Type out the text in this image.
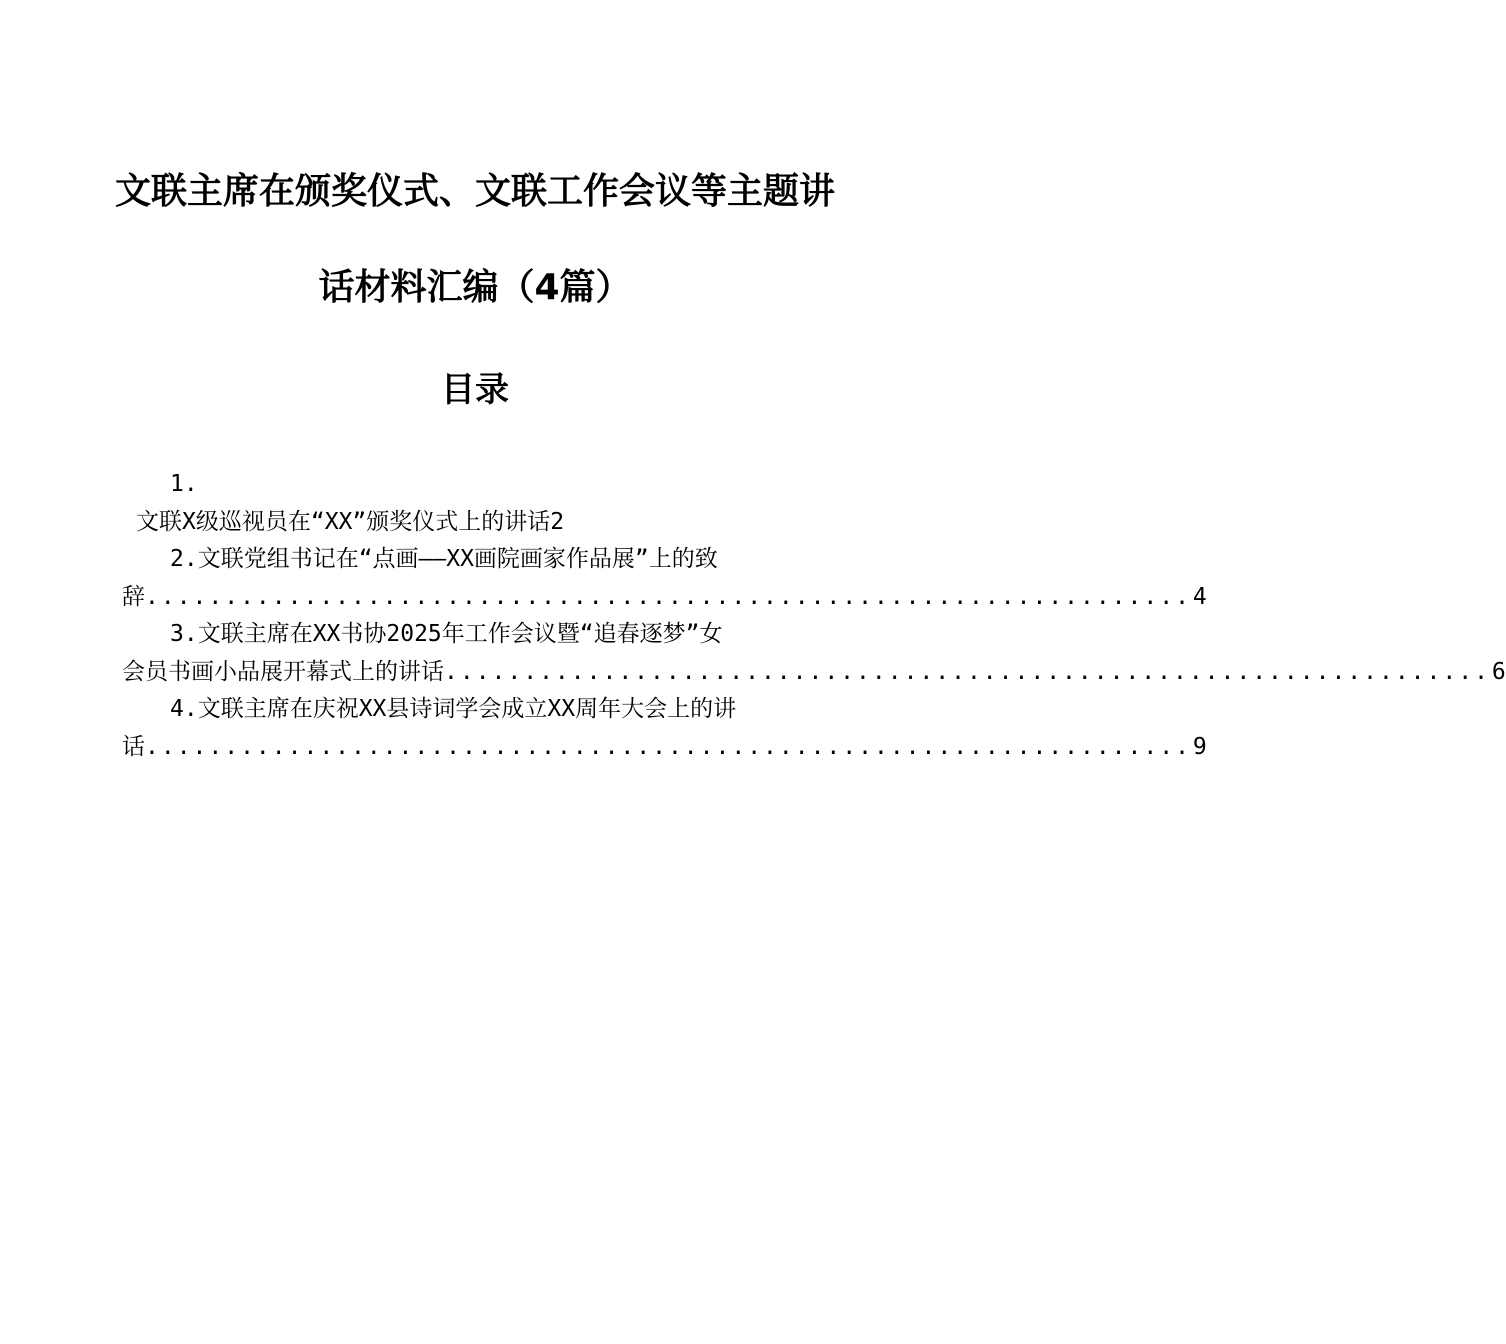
文联主席在颁奖仪式、文联工作会议等主题讲
话材料汇编（4篇）
目录
1.
文联X级巡视员在“XX”颁奖仪式上的讲话2
2.文联党组书记在“点画——XX画院画家作品展”上的致
辞 .................................................................. 4
3.文联主席在XX书协2025年工作会议暨“追春逐梦”女
会员书画小品展开幕式上的讲话 .................................................................. 6
4.文联主席在庆祝XX县诗词学会成立XX周年大会上的讲
话 .................................................................. 9
